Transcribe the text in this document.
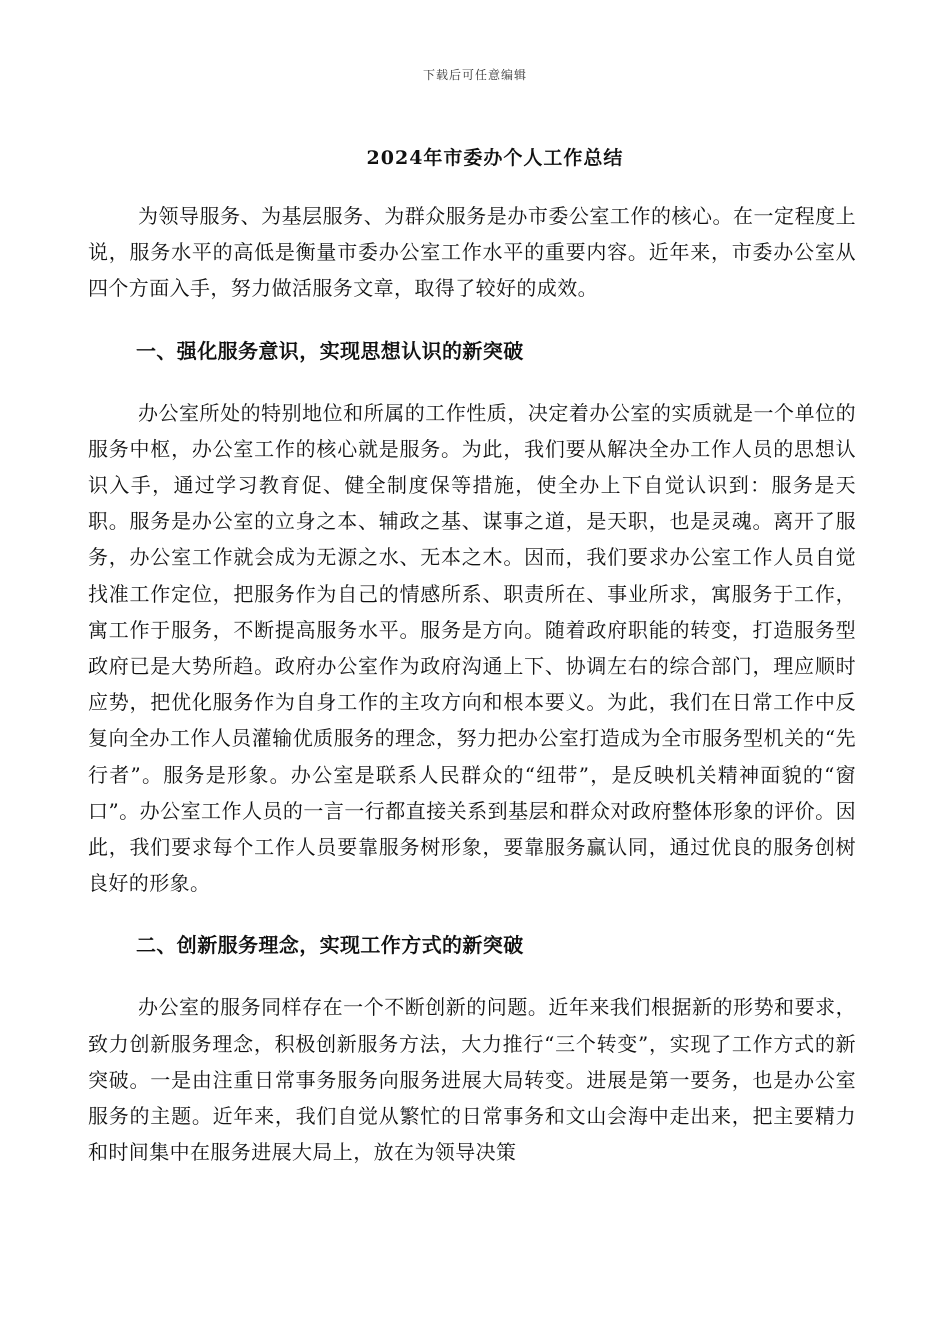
下载后可任意编辑
2024年市委办个人工作总结

为领导服务、为基层服务、为群众服务是办市委公室工作的核心。在一定程度上说，服务水平的高低是衡量市委办公室工作水平的重要内容。近年来，市委办公室从四个方面入手，努力做活服务文章，取得了较好的成效。

一、强化服务意识，实现思想认识的新突破

办公室所处的特别地位和所属的工作性质，决定着办公室的实质就是一个单位的服务中枢，办公室工作的核心就是服务。为此，我们要从解决全办工作人员的思想认识入手，通过学习教育促、健全制度保等措施，使全办上下自觉认识到：服务是天职。服务是办公室的立身之本、辅政之基、谋事之道，是天职，也是灵魂。离开了服务，办公室工作就会成为无源之水、无本之木。因而，我们要求办公室工作人员自觉找准工作定位，把服务作为自己的情感所系、职责所在、事业所求，寓服务于工作，寓工作于服务，不断提高服务水平。服务是方向。随着政府职能的转变，打造服务型政府已是大势所趋。政府办公室作为政府沟通上下、协调左右的综合部门，理应顺时应势，把优化服务作为自身工作的主攻方向和根本要义。为此，我们在日常工作中反复向全办工作人员灌输优质服务的理念，努力把办公室打造成为全市服务型机关的“先行者”。服务是形象。办公室是联系人民群众的“纽带”，是反映机关精神面貌的“窗口”。办公室工作人员的一言一行都直接关系到基层和群众对政府整体形象的评价。因此，我们要求每个工作人员要靠服务树形象，要靠服务赢认同，通过优良的服务创树良好的形象。

二、创新服务理念，实现工作方式的新突破

办公室的服务同样存在一个不断创新的问题。近年来我们根据新的形势和要求，致力创新服务理念，积极创新服务方法，大力推行“三个转变”，实现了工作方式的新突破。一是由注重日常事务服务向服务进展大局转变。进展是第一要务，也是办公室服务的主题。近年来，我们自觉从繁忙的日常事务和文山会海中走出来，把主要精力和时间集中在服务进展大局上，放在为领导决策
